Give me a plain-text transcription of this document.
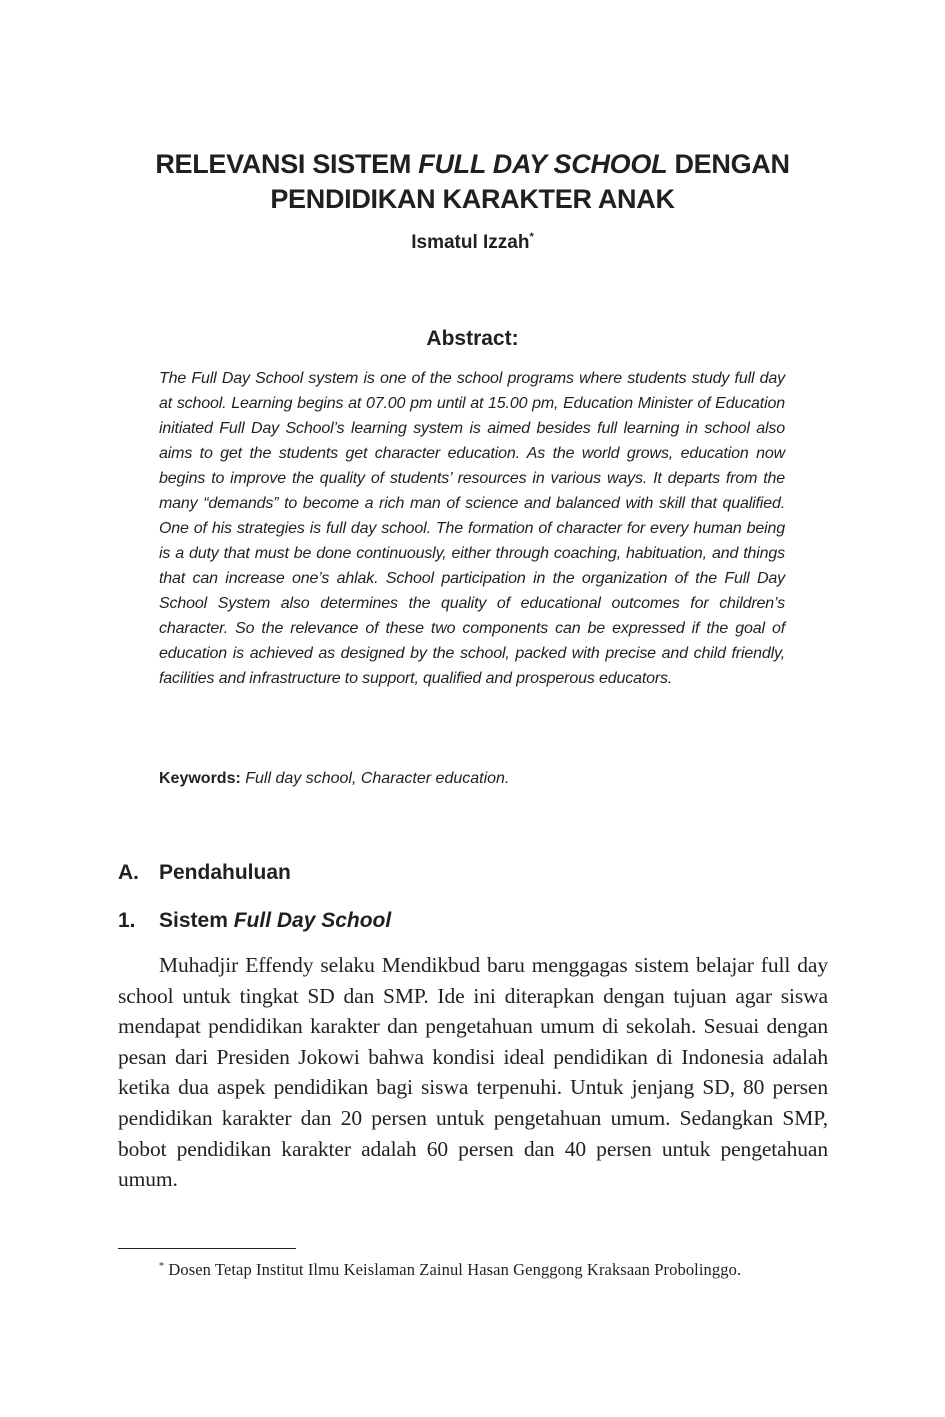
RELEVANSI SISTEM FULL DAY SCHOOL DENGAN
PENDIDIKAN KARAKTER ANAK
Ismatul Izzah*
Abstract:

The Full Day School system is one of the school programs where students study full day at school. Learning begins at 07.00 pm until at 15.00 pm, Education Minister of Education initiated Full Day School’s learning system is aimed besides full learning in school also aims to get the students get character education. As the world grows, education now begins to improve the quality of students’ resources in various ways. It departs from the many “demands” to become a rich man of science and balanced with skill that qualified. One of his strategies is full day school. The formation of character for every human being is a duty that must be done continuously, either through coaching, habituation, and things that can increase one’s ahlak. School participation in the organization of the Full Day School System also determines the quality of educational outcomes for children’s character. So the relevance of these two components can be expressed if the goal of education is achieved as designed by the school, packed with precise and child friendly, facilities and infrastructure to support, qualified and prosperous educators.

Keywords: Full day school, Character education.
A. Pendahuluan
1. Sistem Full Day School

Muhadjir Effendy selaku Mendikbud baru menggagas sistem belajar full day school untuk tingkat SD dan SMP. Ide ini diterapkan dengan tujuan agar siswa mendapat pendidikan karakter dan pengetahuan umum di sekolah. Sesuai dengan pesan dari Presiden Jokowi bahwa kondisi ideal pendidikan di Indonesia adalah ketika dua aspek pendidikan bagi siswa terpenuhi. Untuk jenjang SD, 80 persen pendidikan karakter dan 20 persen untuk pengetahuan umum. Sedangkan SMP, bobot pendidikan karakter adalah 60 persen dan 40 persen untuk pengetahuan umum.

* Dosen Tetap Institut Ilmu Keislaman Zainul Hasan Genggong Kraksaan Probolinggo.
